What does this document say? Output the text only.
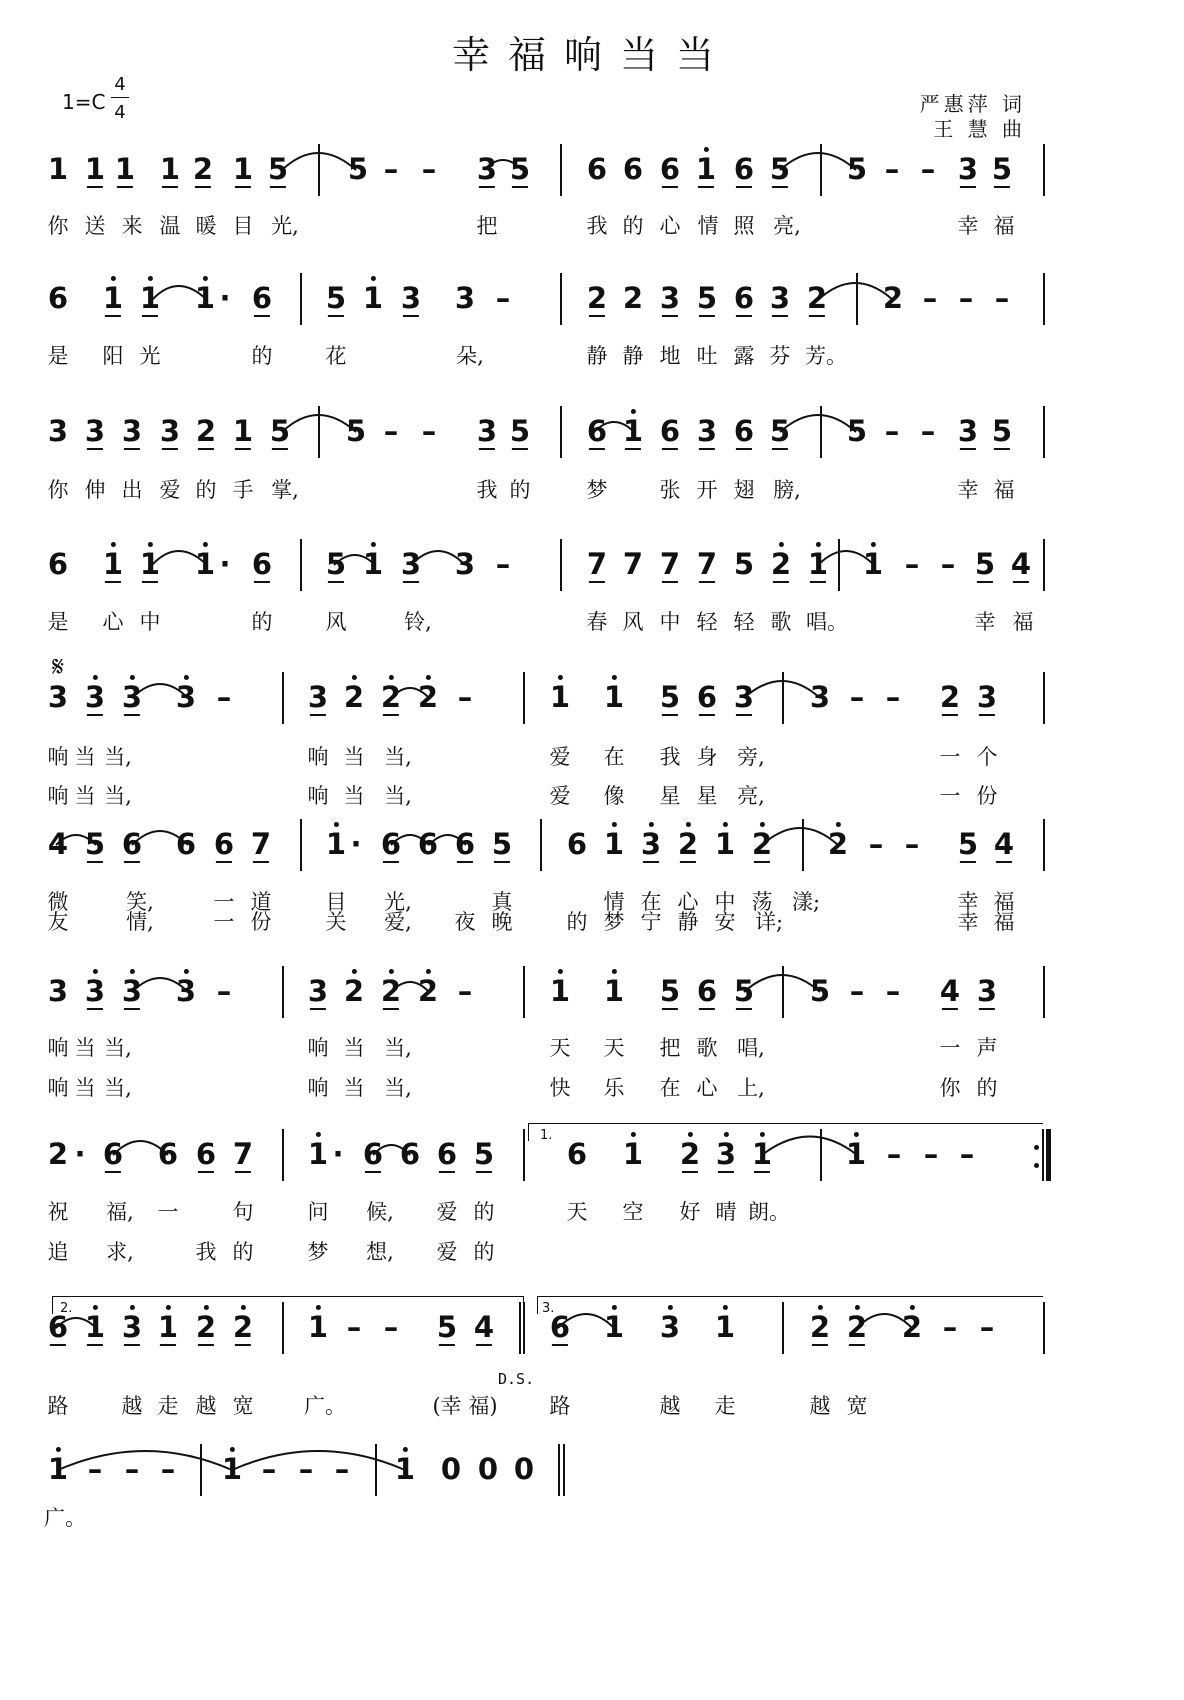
幸福响当当
1=C
4
4	严惠萍 词
王 慧 曲
𝄋
D.S.
1.
2.	3.
1 1 1 1 2 1 5 5 – – 3 5 6 6 6 1 6 5 5 – – 3 5
你 送 来 温 暖 目 光,	把	我 的 心 情 照 亮,	幸 福
6 1 1 1 · 6 5 1 3 3 –	2 2 3 5 6 3 2 2 – – –
是 阳 光	的	花	朵,	静 静 地 吐 露 芬 芳。
3 3 3 3 2 1 5 5 – – 3 5 6 1 6 3 6 5 5 – – 3 5
你 伸 出 爱 的 手 掌,	我 的	梦 张 开 翅 膀,	幸 福
6 1 1 1 · 6 5 1 3 3 –	7 7 7 7 5 2 1 1 – – 5 4
是 心 中	的	风	铃,	春 风 中 轻 轻 歌 唱。	幸 福
3 3 3 3 –	3 2 2 2 –	1 1 5 6 3 3 – – 2 3
响 当 当,	响 当 当,	爱 在 我 身 旁,	一 个
响 当 当,	响 当 当,	爱 像 星 星 亮,	一 份
4 5 6 6 6 7 1 · 6 6 6 5 6 1 3 2 1 2 2 – – 5 4
微	笑,	一 道	目 光,	真	情 在 心 中 荡 漾;	幸 福
友	情,	一 份	关 爱, 夜 晚	的 梦 宁 静 安 详;	幸 福
3 3 3 3 –	3 2 2 2 –	1 1 5 6 5 5 – – 4 3
响 当 当,	响 当 当,	天 天 把 歌 唱,	一 声
响 当 当,	响 当 当,	快 乐 在 心 上,	你 的
2 · 6 6 6 7 1 · 6 6 6 5	6 1 2 3 1	1 – – –
祝 福, 一	句	问 候, 爱 的	天 空 好 晴 朗。
追 求,	我 的	梦 想, 爱 的
6 1 3 1 2 2 1 – – 5 4 6 1 3 1	2 2 2 – –
路	越 走 越 宽 广。	(幸 福) 路	越 走	越 宽
1 – – – 1 – – – 1 0 0 0
广。
